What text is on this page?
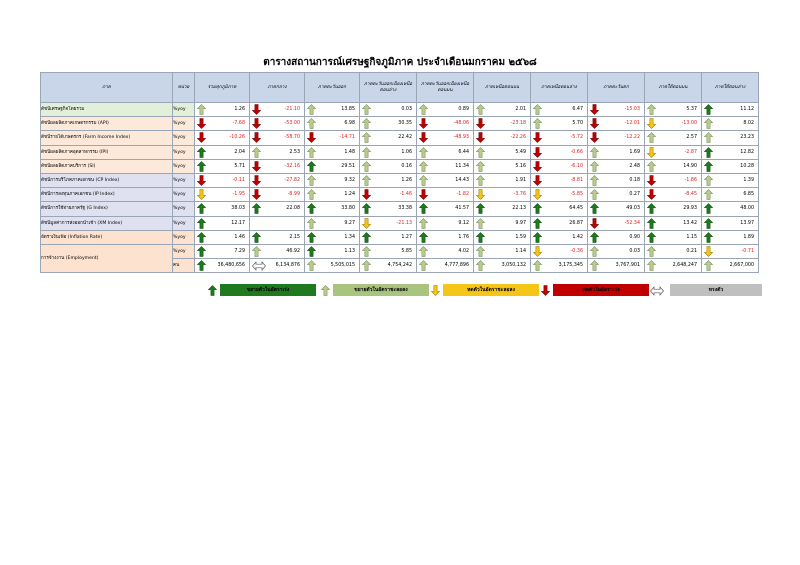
ตารางสถานการณ์เศรษฐกิจภูมิภาค ประจำเดือนมกราคม ๒๕๖๘
ภาค	หน่วย	รวมทุกภูมิภาค	ภาคกลาง	ภาคตะวันออก	ภาคตะวันออกเฉียงเหนือตอนล่าง	ภาคตะวันออกเฉียงเหนือตอนบน	ภาคเหนือตอนบน	ภาคเหนือตอนล่าง	ภาคตะวันตก	ภาคใต้ตอนบน	ภาคใต้ตอนล่าง
ดัชนีเศรษฐกิจโดยรวม	%yoy	1.26	-21.10	13.85	0.03	0.89	2.01	6.47	-15.03	5.37	11.12

ดัชนีผลผลิตภาคเกษตรกรรม (API)	%yoy	-7.68	-53.00	6.98	30.35	-48.06	-23.18	5.70	-12.01	-13.00	8.02

ดัชนีรายได้เกษตรกร (Farm Income Index)	%yoy	-10.26	-58.70	-14.71	22.42	-48.93	-22.26	-5.72	-12.22	2.57	23.23

ดัชนีผลผลิตภาคอุตสาหกรรม (IPI)	%yoy	2.04	2.53	1.48	1.06	6.44	5.49	-0.66	1.69	-2.87	12.82

ดัชนีผลผลิตภาคบริการ (SI)	%yoy	5.71	-32.16	29.51	0.16	11.34	5.16	-6.10	2.48	14.90	10.28

ดัชนีการบริโภคภาคเอกชน (CP Index)	%yoy	-0.11	-27.82	9.32	1.26	14.43	1.91	-8.81	0.18	-1.86	1.39

ดัชนีการลงทุนภาคเอกชน (IP Index)	%yoy	-1.95	-8.99	1.24	-1.46	-1.82	-3.76	-5.85	0.27	-8.45	6.85

ดัชนีการใช้จ่ายภาครัฐ (G Index)	%yoy	38.03	22.08	33.80	33.38	41.57	22.13	64.45	49.03	29.93	48.00

ดัชนีมูลค่าการส่งออกนำเข้า (XM Index)	%yoy	12.17		9.27	-21.13	9.12	9.97	26.87	-52.34	13.42	13.97

อัตราเงินเฟ้อ (Inflation Rate)	%yoy	1.46	2.15	1.34	1.27	1.76	1.59	1.42	0.90	1.15	1.89

การจ้างงาน (Employment)	%yoy	7.29	46.92	1.13	5.85	4.02	1.14	-0.36	0.03	0.21	-0.71

	คน	36,480,656	6,134,876	5,505,015	4,754,242	4,777,896	3,050,132	3,175,345	3,767,901	2,648,247	2,667,000
ขยายตัวในอัตราเร่ง	ขยายตัวในอัตราชะลอลง	หดตัวในอัตราชะลอลง	หดตัวในอัตราเร่ง	ทรงตัว
